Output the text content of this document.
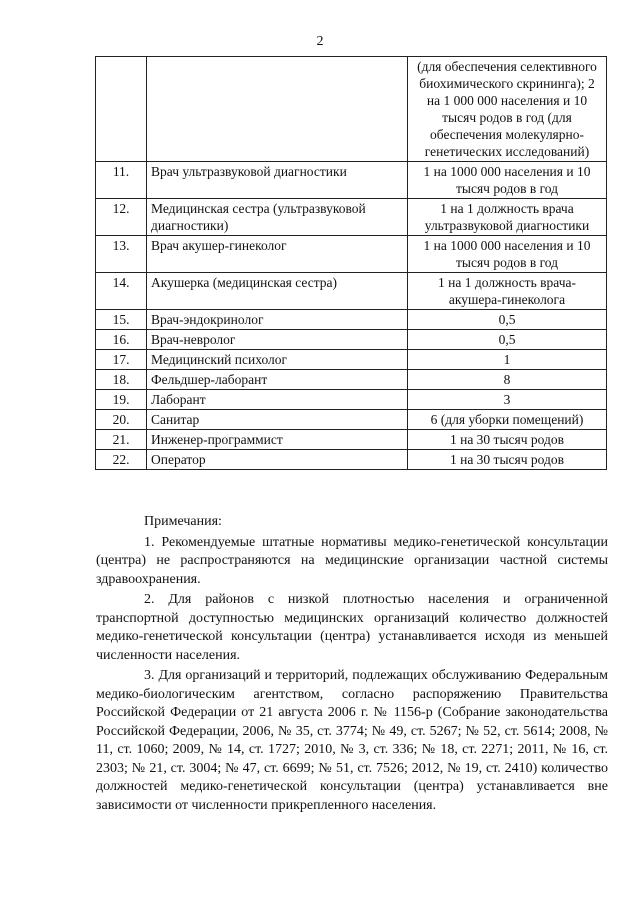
2
		(для обеспечения селективного биохимического скрининга); 2 на 1 000 000 населения и 10 тысяч родов в год (для обеспечения молекулярно-генетических исследований)
11.	Врач ультразвуковой диагностики	1 на 1000 000 населения и 10 тысяч родов в год
12.	Медицинская сестра (ультразвуковой диагностики)	1 на 1 должность врача ультразвуковой диагностики
13.	Врач акушер-гинеколог	1 на 1000 000 населения и 10 тысяч родов в год
14.	Акушерка (медицинская сестра)	1 на 1 должность врача-акушера-гинеколога
15.	Врач-эндокринолог	0,5
16.	Врач-невролог	0,5
17.	Медицинский психолог	1
18.	Фельдшер-лаборант	8
19.	Лаборант	3
20.	Санитар	6 (для уборки помещений)
21.	Инженер-программист	1 на 30 тысяч родов
22.	Оператор	1 на 30 тысяч родов

Примечания:

1. Рекомендуемые штатные нормативы медико-генетической консультации (центра) не распространяются на медицинские организации частной системы здравоохранения.

2. Для районов с низкой плотностью населения и ограниченной транспортной доступностью медицинских организаций количество должностей медико-генетической консультации (центра) устанавливается исходя из меньшей численности населения.

3. Для организаций и территорий, подлежащих обслуживанию Федеральным медико-биологическим агентством, согласно распоряжению Правительства Российской Федерации от 21 августа 2006 г. № 1156-р (Собрание законодательства Российской Федерации, 2006, № 35, ст. 3774; № 49, ст. 5267; № 52, ст. 5614; 2008, № 11, ст. 1060; 2009, № 14, ст. 1727; 2010, № 3, ст. 336; № 18, ст. 2271; 2011, № 16, ст. 2303; № 21, ст. 3004; № 47, ст. 6699; № 51, ст. 7526; 2012, № 19, ст. 2410) количество должностей медико-генетической консультации (центра) устанавливается вне зависимости от численности прикрепленного населения.
